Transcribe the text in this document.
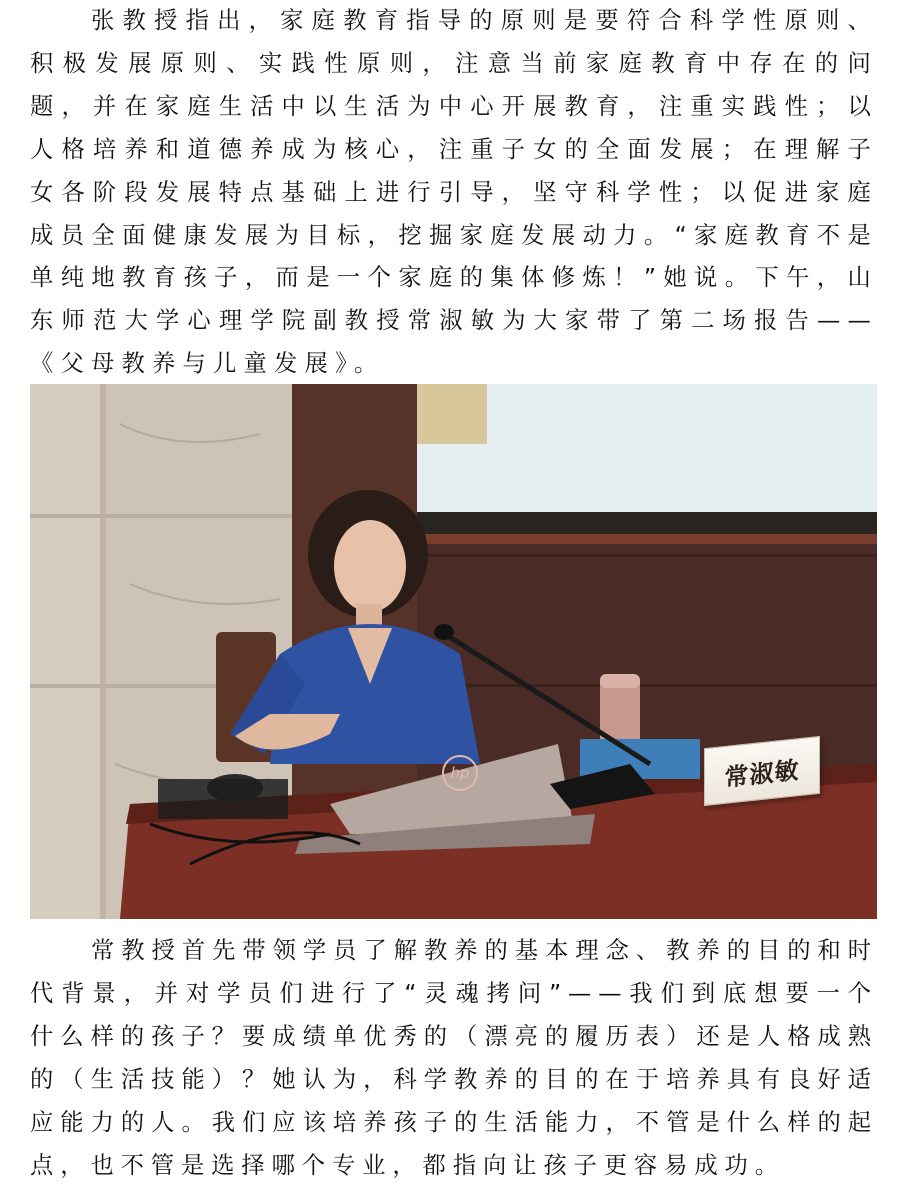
张教授指出，家庭教育指导的原则是要符合科学性原则、积极发展原则、实践性原则，注意当前家庭教育中存在的问题，并在家庭生活中以生活为中心开展教育，注重实践性；以人格培养和道德养成为核心，注重子女的全面发展；在理解子女各阶段发展特点基础上进行引导，坚守科学性；以促进家庭成员全面健康发展为目标，挖掘家庭发展动力。“家庭教育不是单纯地教育孩子，而是一个家庭的集体修炼！”她说。下午，山东师范大学心理学院副教授常淑敏为大家带了第二场报告——《父母教养与儿童发展》。

hp	常淑敏

常教授首先带领学员了解教养的基本理念、教养的目的和时代背景，并对学员们进行了“灵魂拷问”——我们到底想要一个什么样的孩子？要成绩单优秀的（漂亮的履历表）还是人格成熟的（生活技能）？她认为，科学教养的目的在于培养具有良好适应能力的人。我们应该培养孩子的生活能力，不管是什么样的起点，也不管是选择哪个专业，都指向让孩子更容易成功。
